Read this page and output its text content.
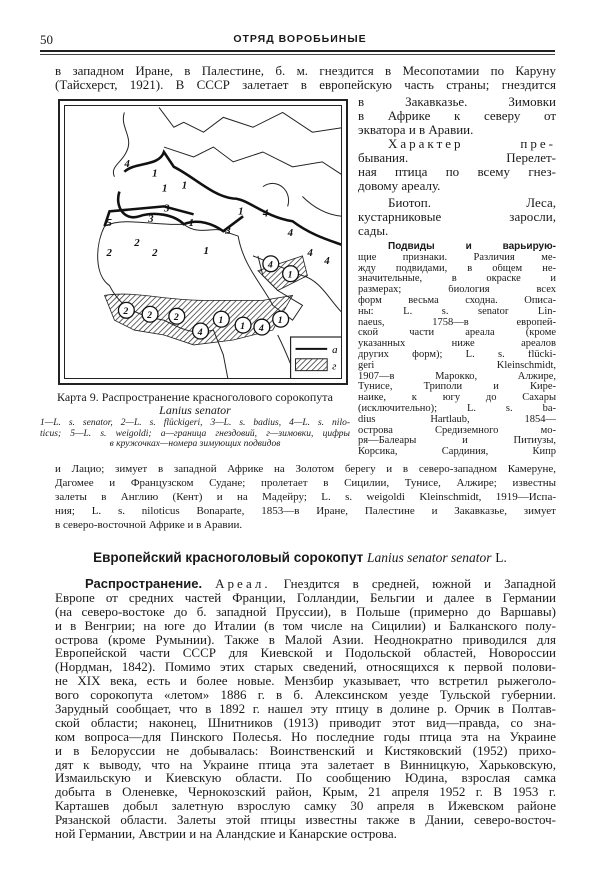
50	ОТРЯД ВОРОБЬИНЫЕ
в западном Иране, в Палестине, б. м. гнездится в Месопотамии по Каруну
(Тайсхерст, 1921). В СССР залетает в европейскую часть страны; гнездится
в Закавказье. Зимовки
в Африке к северу от
экватора и в Аравии.
Характер пре-
бывания. Перелет-
ная птица по всему гнез-
довому ареалу.
Биотоп. Леса,
кустарниковые заросли,
сады.
Подвиды и варьирую-
щие признаки. Различия ме-
жду подвидами, в общем не-
значительные, в окраске и
размерах; биология всех
форм весьма сходна. Описа-
ны: L. s. senator Lin-
naeus, 1758—в европей-
ской части ареала (кроме
указанных ниже ареалов
других форм); L. s. flücki-
geri Kleinschmidt,
1907—в Марокко, Алжире,
Тунисе, Триполи и Кире-
наике, к югу до Сахары
(исключительно); L. s. ba-
dius Hartlaub, 1854—
острова Средиземного мо-
ря—Балеары и Питиузы,
Корсика, Сардиния, Кипр
1
1 1
5
3
3	1
1 4
2
2
2
3	4
4
4
1
4
4
1
2 2 2
4
1
1 4
1
а
г
Карта 9. Распространение красноголового сорокопута
Lanius senator
1—L. s. senator, 2—L. s. flückigeri, 3—L. s. badius, 4—L. s. nilo-
ticus; 5—L. s. weigoldi; а—граница гнездовий, г—зимовки, цифры
в кружочках—номера зимующих подвидов
и Лацио; зимует в западной Африке на Золотом берегу и в северо-западном Камеруне,
Дагомее и Французском Судане; пролетает в Сицилии, Тунисе, Алжире; известны
залеты в Англию (Кент) и на Мадейру; L. s. weigoldi Kleinschmidt, 1919—Испа-
ния; L. s. niloticus Bonaparte, 1853—в Иране, Палестине и Закавказье, зимует
в северо-восточной Африке и в Аравии.
Европейский красноголовый сорокопут Lanius senator senator L.
Распространение. Ареал. Гнездится в средней, южной и Западной
Европе от средних частей Франции, Голландии, Бельгии и далее в Германии
(на северо-востоке до б. западной Пруссии), в Польше (примерно до Варшавы)
и в Венгрии; на юге до Италии (в том числе на Сицилии) и Балканского полу-
острова (кроме Румынии). Также в Малой Азии. Неоднократно приводился для
Европейской части СССР для Киевской и Подольской областей, Новороссии
(Нордман, 1842). Помимо этих старых сведений, относящихся к первой полови-
не XIX века, есть и более новые. Мензбир указывает, что встретил рыжеголо-
вого сорокопута «летом» 1886 г. в б. Алексинском уезде Тульской губернии.
Зарудный сообщает, что в 1892 г. нашел эту птицу в долине р. Орчик в Полтав-
ской области; наконец, Шнитников (1913) приводит этот вид—правда, со зна-
ком вопроса—для Пинского Полесья. Но последние годы птица эта на Украине
и в Белоруссии не добывалась: Воинственский и Кистяковский (1952) прихо-
дят к выводу, что на Украине птица эта залетает в Винницкую, Харьковскую,
Измаильскую и Киевскую области. По сообщению Юдина, взрослая самка
добыта в Оленевке, Чернокозский район, Крым, 21 апреля 1952 г. В 1953 г.
Карташев добыл залетную взрослую самку 30 апреля в Ижевском районе
Рязанской области. Залеты этой птицы известны также в Дании, северо-восточ-
ной Германии, Австрии и на Аландские и Канарские острова.
